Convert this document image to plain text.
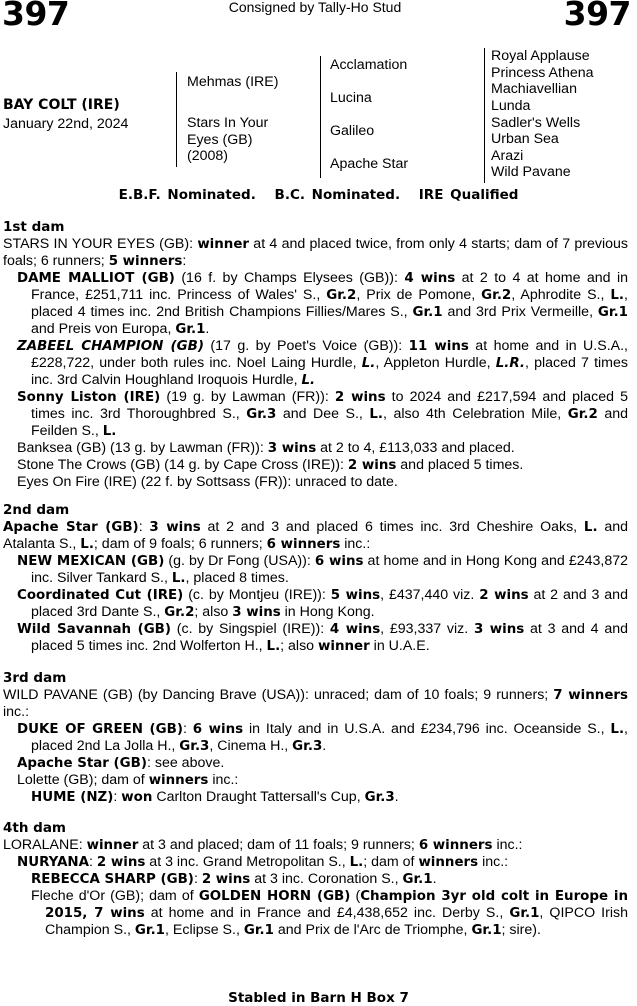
397	Consigned by Tally-Ho Stud	397
BAY COLT (IRE)
January 22nd, 2024
Mehmas (IRE)
Stars In Your
Eyes (GB)
(2008)
Acclamation
Lucina
Galileo
Apache Star
Royal Applause
Princess Athena
Machiavellian
Lunda
Sadler's Wells
Urban Sea
Arazi
Wild Pavane
E.B.F. Nominated. B.C. Nominated. IRE Qualified
1st dam
STARS IN YOUR EYES (GB): winner at 4 and placed twice, from only 4 starts; dam of 7 previous foals; 6 runners; 5 winners:
DAME MALLIOT (GB) (16 f. by Champs Elysees (GB)): 4 wins at 2 to 4 at home and in France, £251,711 inc. Princess of Wales' S., Gr.2, Prix de Pomone, Gr.2, Aphrodite S., L., placed 4 times inc. 2nd British Champions Fillies/Mares S., Gr.1 and 3rd Prix Vermeille, Gr.1 and Preis von Europa, Gr.1.
ZABEEL CHAMPION (GB) (17 g. by Poet's Voice (GB)): 11 wins at home and in U.S.A., £228,722, under both rules inc. Noel Laing Hurdle, L., Appleton Hurdle, L.R., placed 7 times inc. 3rd Calvin Houghland Iroquois Hurdle, L.
Sonny Liston (IRE) (19 g. by Lawman (FR)): 2 wins to 2024 and £217,594 and placed 5 times inc. 3rd Thoroughbred S., Gr.3 and Dee S., L., also 4th Celebration Mile, Gr.2 and Feilden S., L.
Banksea (GB) (13 g. by Lawman (FR)): 3 wins at 2 to 4, £113,033 and placed.
Stone The Crows (GB) (14 g. by Cape Cross (IRE)): 2 wins and placed 5 times.
Eyes On Fire (IRE) (22 f. by Sottsass (FR)): unraced to date.
2nd dam
Apache Star (GB): 3 wins at 2 and 3 and placed 6 times inc. 3rd Cheshire Oaks, L. and Atalanta S., L.; dam of 9 foals; 6 runners; 6 winners inc.:
NEW MEXICAN (GB) (g. by Dr Fong (USA)): 6 wins at home and in Hong Kong and £243,872 inc. Silver Tankard S., L., placed 8 times.
Coordinated Cut (IRE) (c. by Montjeu (IRE)): 5 wins, £437,440 viz. 2 wins at 2 and 3 and placed 3rd Dante S., Gr.2; also 3 wins in Hong Kong.
Wild Savannah (GB) (c. by Singspiel (IRE)): 4 wins, £93,337 viz. 3 wins at 3 and 4 and placed 5 times inc. 2nd Wolferton H., L.; also winner in U.A.E.
3rd dam
WILD PAVANE (GB) (by Dancing Brave (USA)): unraced; dam of 10 foals; 9 runners; 7 winners inc.:
DUKE OF GREEN (GB): 6 wins in Italy and in U.S.A. and £234,796 inc. Oceanside S., L., placed 2nd La Jolla H., Gr.3, Cinema H., Gr.3.
Apache Star (GB): see above.
Lolette (GB); dam of winners inc.:
HUME (NZ): won Carlton Draught Tattersall's Cup, Gr.3.
4th dam
LORALANE: winner at 3 and placed; dam of 11 foals; 9 runners; 6 winners inc.:
NURYANA: 2 wins at 3 inc. Grand Metropolitan S., L.; dam of winners inc.:
REBECCA SHARP (GB): 2 wins at 3 inc. Coronation S., Gr.1.
Fleche d'Or (GB); dam of GOLDEN HORN (GB) (Champion 3yr old colt in Europe in 2015, 7 wins at home and in France and £4,438,652 inc. Derby S., Gr.1, QIPCO Irish Champion S., Gr.1, Eclipse S., Gr.1 and Prix de l'Arc de Triomphe, Gr.1; sire).
Stabled in Barn H Box 7
